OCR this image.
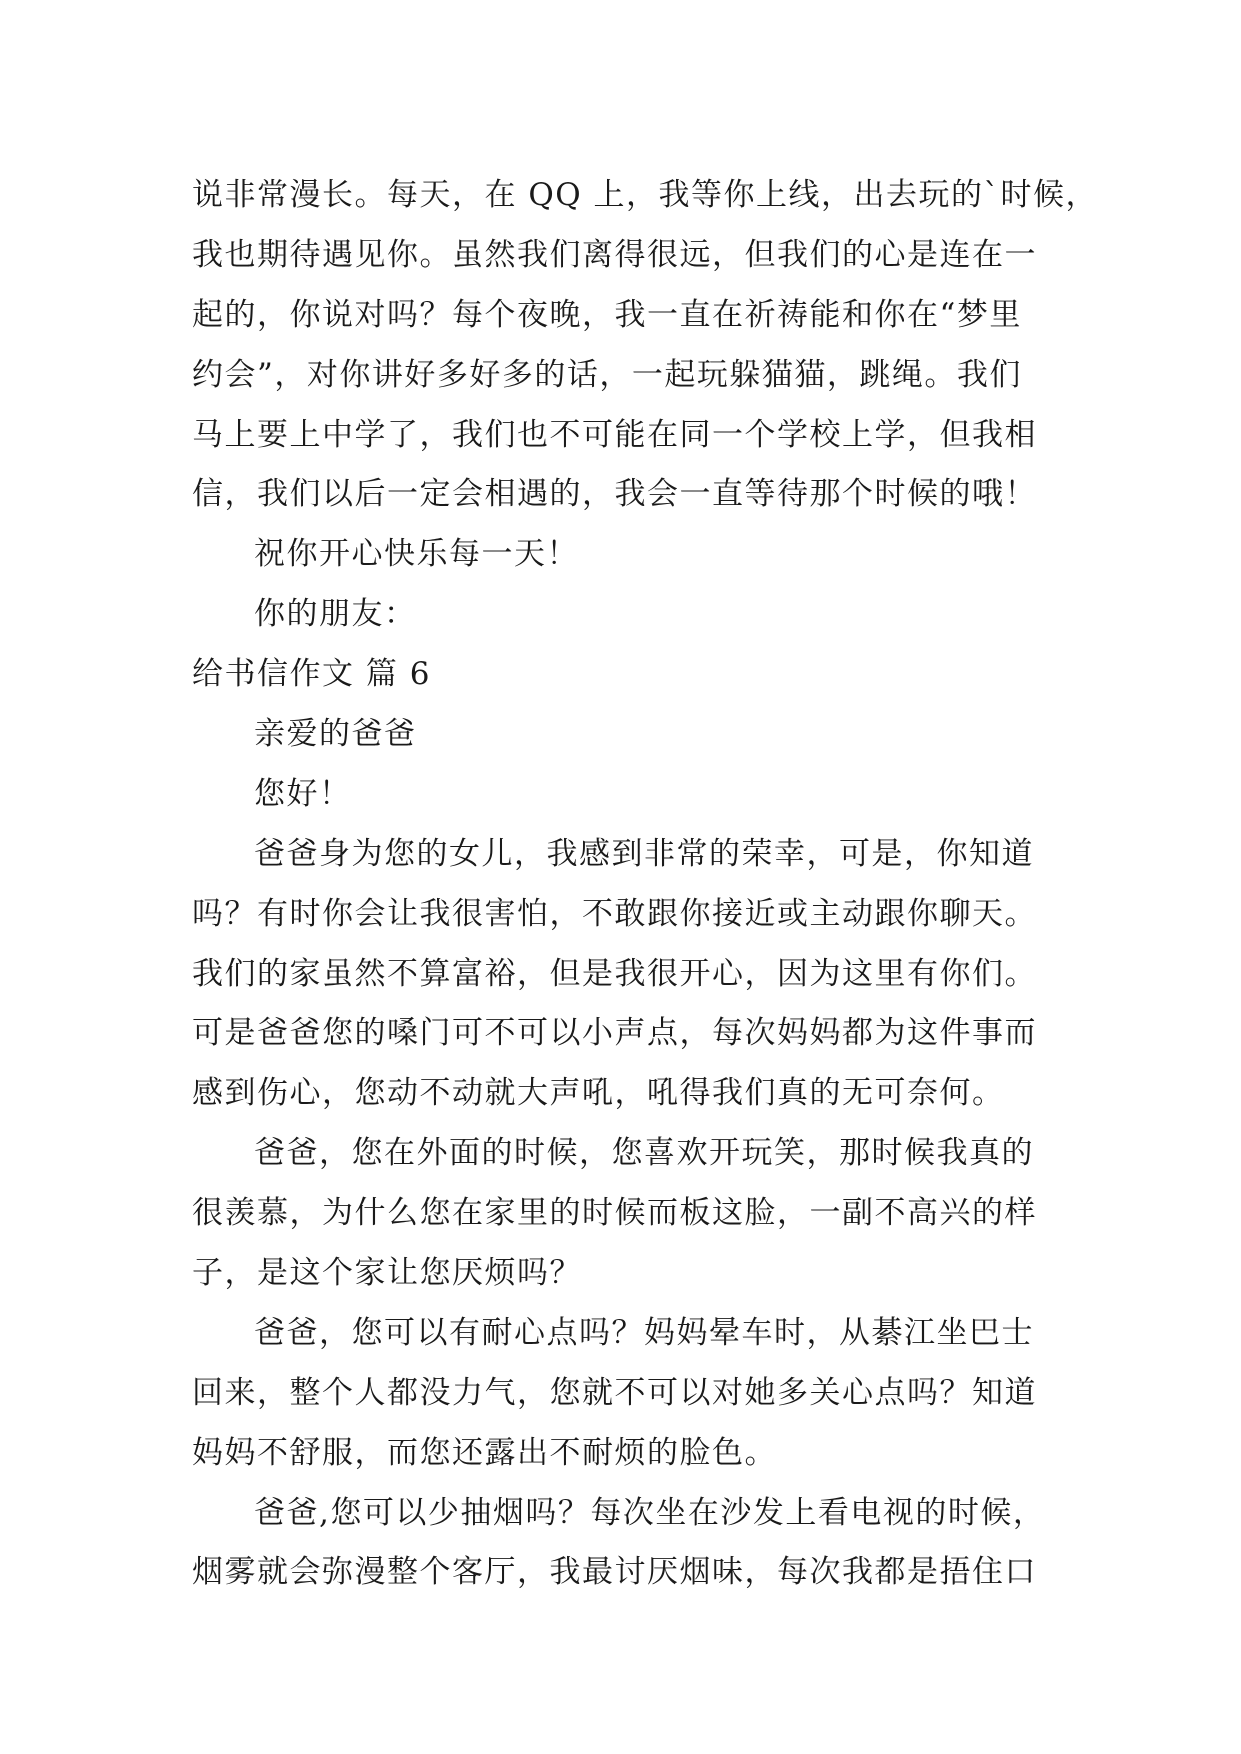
说非常漫长。每天，在 QQ 上，我等你上线，出去玩的`时候，

我也期待遇见你。虽然我们离得很远，但我们的心是连在一

起的，你说对吗？每个夜晚，我一直在祈祷能和你在“梦里

约会”，对你讲好多好多的话，一起玩躲猫猫，跳绳。我们

马上要上中学了，我们也不可能在同一个学校上学，但我相

信，我们以后一定会相遇的，我会一直等待那个时候的哦！

祝你开心快乐每一天！

你的朋友：

给书信作文 篇 6

亲爱的爸爸

您好！

爸爸身为您的女儿，我感到非常的荣幸，可是，你知道

吗？有时你会让我很害怕，不敢跟你接近或主动跟你聊天。

我们的家虽然不算富裕，但是我很开心，因为这里有你们。

可是爸爸您的嗓门可不可以小声点，每次妈妈都为这件事而

感到伤心，您动不动就大声吼，吼得我们真的无可奈何。

爸爸，您在外面的时候，您喜欢开玩笑，那时候我真的

很羡慕，为什么您在家里的时候而板这脸，一副不高兴的样

子，是这个家让您厌烦吗？

爸爸，您可以有耐心点吗？妈妈晕车时，从綦江坐巴士

回来，整个人都没力气，您就不可以对她多关心点吗？知道

妈妈不舒服，而您还露出不耐烦的脸色。

爸爸,您可以少抽烟吗？每次坐在沙发上看电视的时候，

烟雾就会弥漫整个客厅，我最讨厌烟味，每次我都是捂住口
